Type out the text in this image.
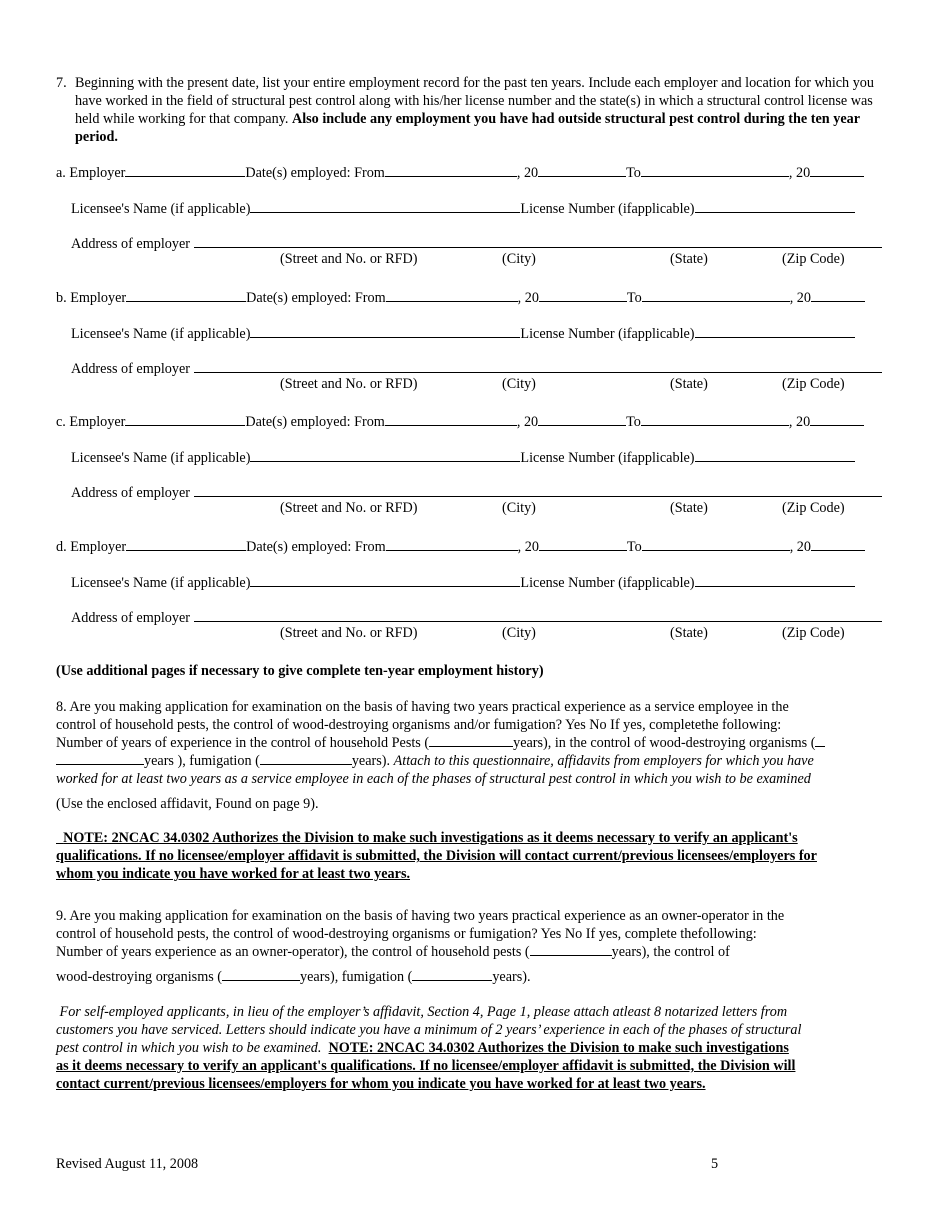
7. Beginning with the present date, list your entire employment record for the past ten years. Include each employer and location for which you have worked in the field of structural pest control along with his/her license number and the state(s) in which a structural control license was held while working for that company. Also include any employment you have had outside structural pest control during the ten year period.
a. Employer	Date(s) employed: From	, 20	To	, 20
Licensee's Name (if applicable)	License Number (ifapplicable)
Address of employer
(Street and No. or RFD)	(City)	(State)	(Zip Code)
b. Employer	Date(s) employed: From	, 20	To	, 20
Licensee's Name (if applicable)	License Number (ifapplicable)
Address of employer
(Street and No. or RFD)	(City)	(State)	(Zip Code)
c. Employer	Date(s) employed: From	, 20	To	, 20
Licensee's Name (if applicable)	License Number (ifapplicable)
Address of employer
(Street and No. or RFD)	(City)	(State)	(Zip Code)
d. Employer	Date(s) employed: From	, 20	To	, 20
Licensee's Name (if applicable)	License Number (ifapplicable)
Address of employer
(Street and No. or RFD)	(City)	(State)	(Zip Code)
(Use additional pages if necessary to give complete ten-year employment history)
8. Are you making application for examination on the basis of having two years practical experience as a service employee in the
control of household pests, the control of wood-destroying organisms and/or fumigation? Yes No If yes, completethe following:
Number of years of experience in the control of household Pests (	years), in the control of wood-destroying organisms (
years ), fumigation (	years). Attach to this questionnaire, affidavits from employers for which you have
worked for at least two years as a service employee in each of the phases of structural pest control in which you wish to be examined
(Use the enclosed affidavit, Found on page 9).
NOTE: 2NCAC 34.0302 Authorizes the Division to make such investigations as it deems necessary to verify an applicant's
qualifications. If no licensee/employer affidavit is submitted, the Division will contact current/previous licensees/employers for
whom you indicate you have worked for at least two years.
9. Are you making application for examination on the basis of having two years practical experience as an owner-operator in the
control of household pests, the control of wood-destroying organisms or fumigation? Yes No If yes, complete thefollowing:
Number of years experience as an owner-operator), the control of household pests (	years), the control of
wood-destroying organisms (	years), fumigation (	years).
For self-employed applicants, in lieu of the employer’s affidavit, Section 4, Page 1, please attach atleast 8 notarized letters from
customers you have serviced. Letters should indicate you have a minimum of 2 years’ experience in each of the phases of structural
pest control in which you wish to be examined. NOTE: 2NCAC 34.0302 Authorizes the Division to make such investigations
as it deems necessary to verify an applicant's qualifications. If no licensee/employer affidavit is submitted, the Division will
contact current/previous licensees/employers for whom you indicate you have worked for at least two years.
Revised August 11, 2008	5
